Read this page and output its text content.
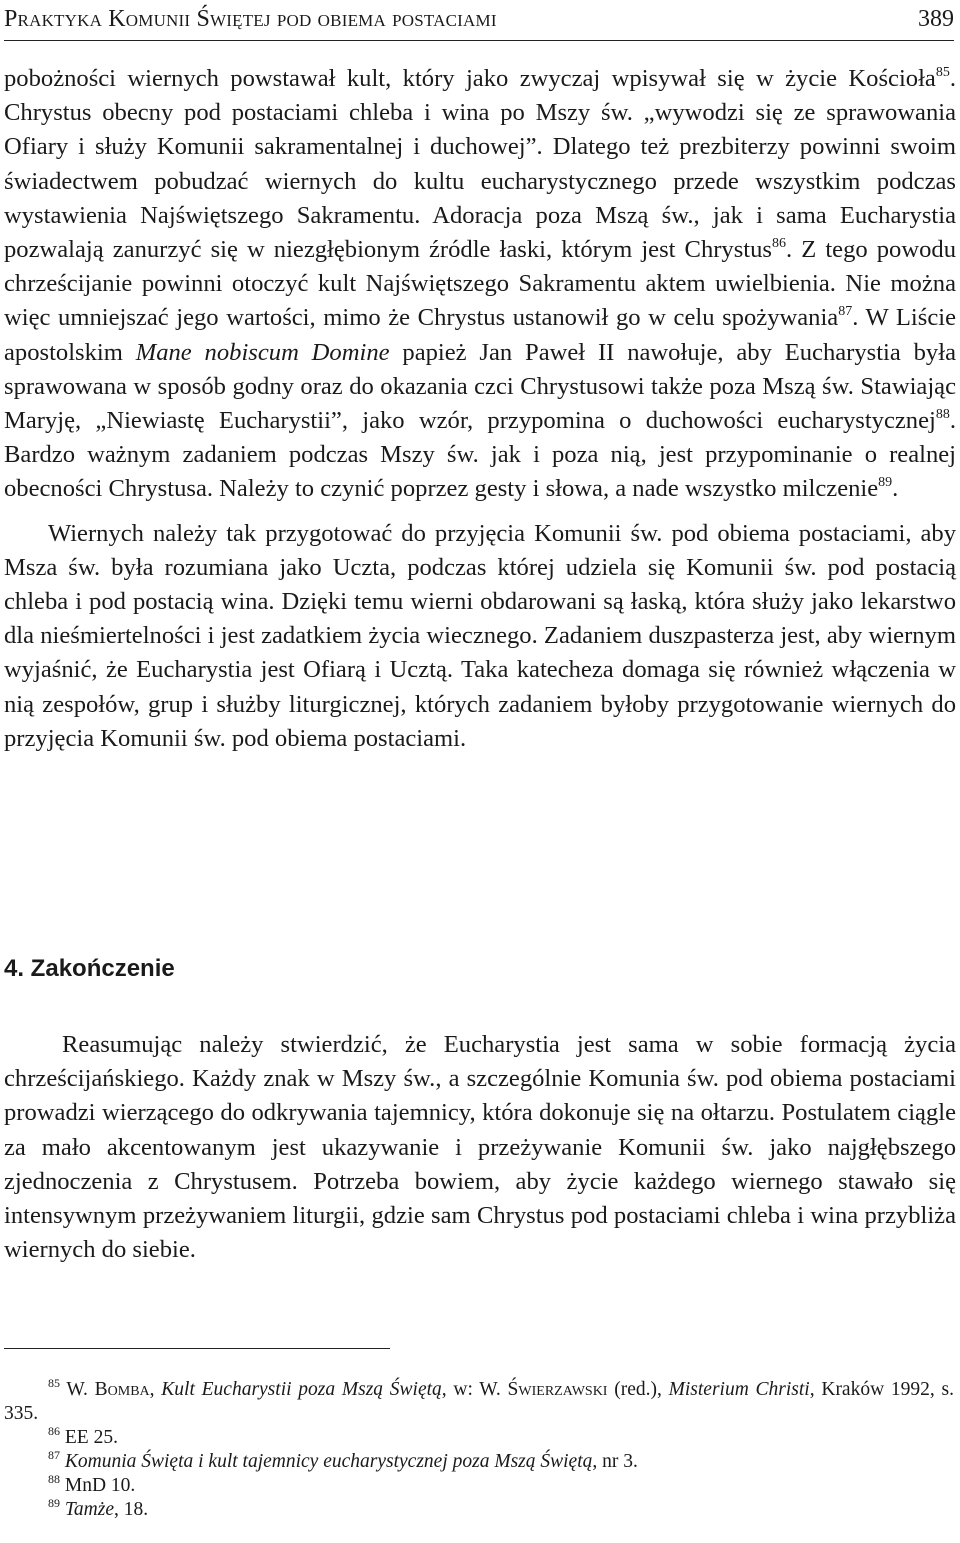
Praktyka Komunii Świętej pod obiema postaciami	389

pobożności wiernych powstawał kult, który jako zwyczaj wpisywał się w życie Kościoła$^{85}$. Chrystus obecny pod postaciami chleba i wina po Mszy św. „wywodzi się ze sprawowania Ofiary i służy Komunii sakramentalnej i duchowej”. Dlatego też prezbiterzy powinni swoim świadectwem pobudzać wiernych do kultu eucharystycznego przede wszystkim podczas wystawienia Najświętszego Sakramentu. Adoracja poza Mszą św., jak i sama Eucharystia pozwalają zanurzyć się w niezgłębionym źródle łaski, którym jest Chrystus$^{86}$. Z tego powodu chrześcijanie powinni otoczyć kult Najświętszego Sakramentu aktem uwielbienia. Nie można więc umniejszać jego wartości, mimo że Chrystus ustanowił go w celu spożywania$^{87}$. W Liście apostolskim Mane nobiscum Domine papież Jan Paweł II nawołuje, aby Eucharystia była sprawowana w sposób godny oraz do okazania czci Chrystusowi także poza Mszą św. Stawiając Maryję, „Niewiastę Eucharystii”, jako wzór, przypomina o duchowości eucharystycznej$^{88}$. Bardzo ważnym zadaniem podczas Mszy św. jak i poza nią, jest przypominanie o realnej obecności Chrystusa. Należy to czynić poprzez gesty i słowa, a nade wszystko milczenie$^{89}$.

Wiernych należy tak przygotować do przyjęcia Komunii św. pod obiema postaciami, aby Msza św. była rozumiana jako Uczta, podczas której udziela się Komunii św. pod postacią chleba i pod postacią wina. Dzięki temu wierni obdarowani są łaską, która służy jako lekarstwo dla nieśmiertelności i jest zadatkiem życia wiecznego. Zadaniem duszpasterza jest, aby wiernym wyjaśnić, że Eucharystia jest Ofiarą i Ucztą. Taka katecheza domaga się również włączenia w nią zespołów, grup i służby liturgicznej, których zadaniem byłoby przygotowanie wiernych do przyjęcia Komunii św. pod obiema postaciami.

4. Zakończenie

Reasumując należy stwierdzić, że Eucharystia jest sama w sobie formacją życia chrześcijańskiego. Każdy znak w Mszy św., a szczególnie Komunia św. pod obiema postaciami prowadzi wierzącego do odkrywania tajemnicy, która dokonuje się na ołtarzu. Postulatem ciągle za mało akcentowanym jest ukazywanie i przeżywanie Komunii św. jako najgłębszego zjednoczenia z Chrystusem. Potrzeba bowiem, aby życie każdego wiernego stawało się intensywnym przeżywaniem liturgii, gdzie sam Chrystus pod postaciami chleba i wina przybliża wiernych do siebie.

$^{85}$ W. Bomba, Kult Eucharystii poza Mszą Świętą, w: W. Świerzawski (red.), Misterium Christi, Kraków 1992, s. 335.

$^{86}$ EE 25.

$^{87}$ Komunia Święta i kult tajemnicy eucharystycznej poza Mszą Świętą, nr 3.

$^{88}$ MnD 10.

$^{89}$ Tamże, 18.
